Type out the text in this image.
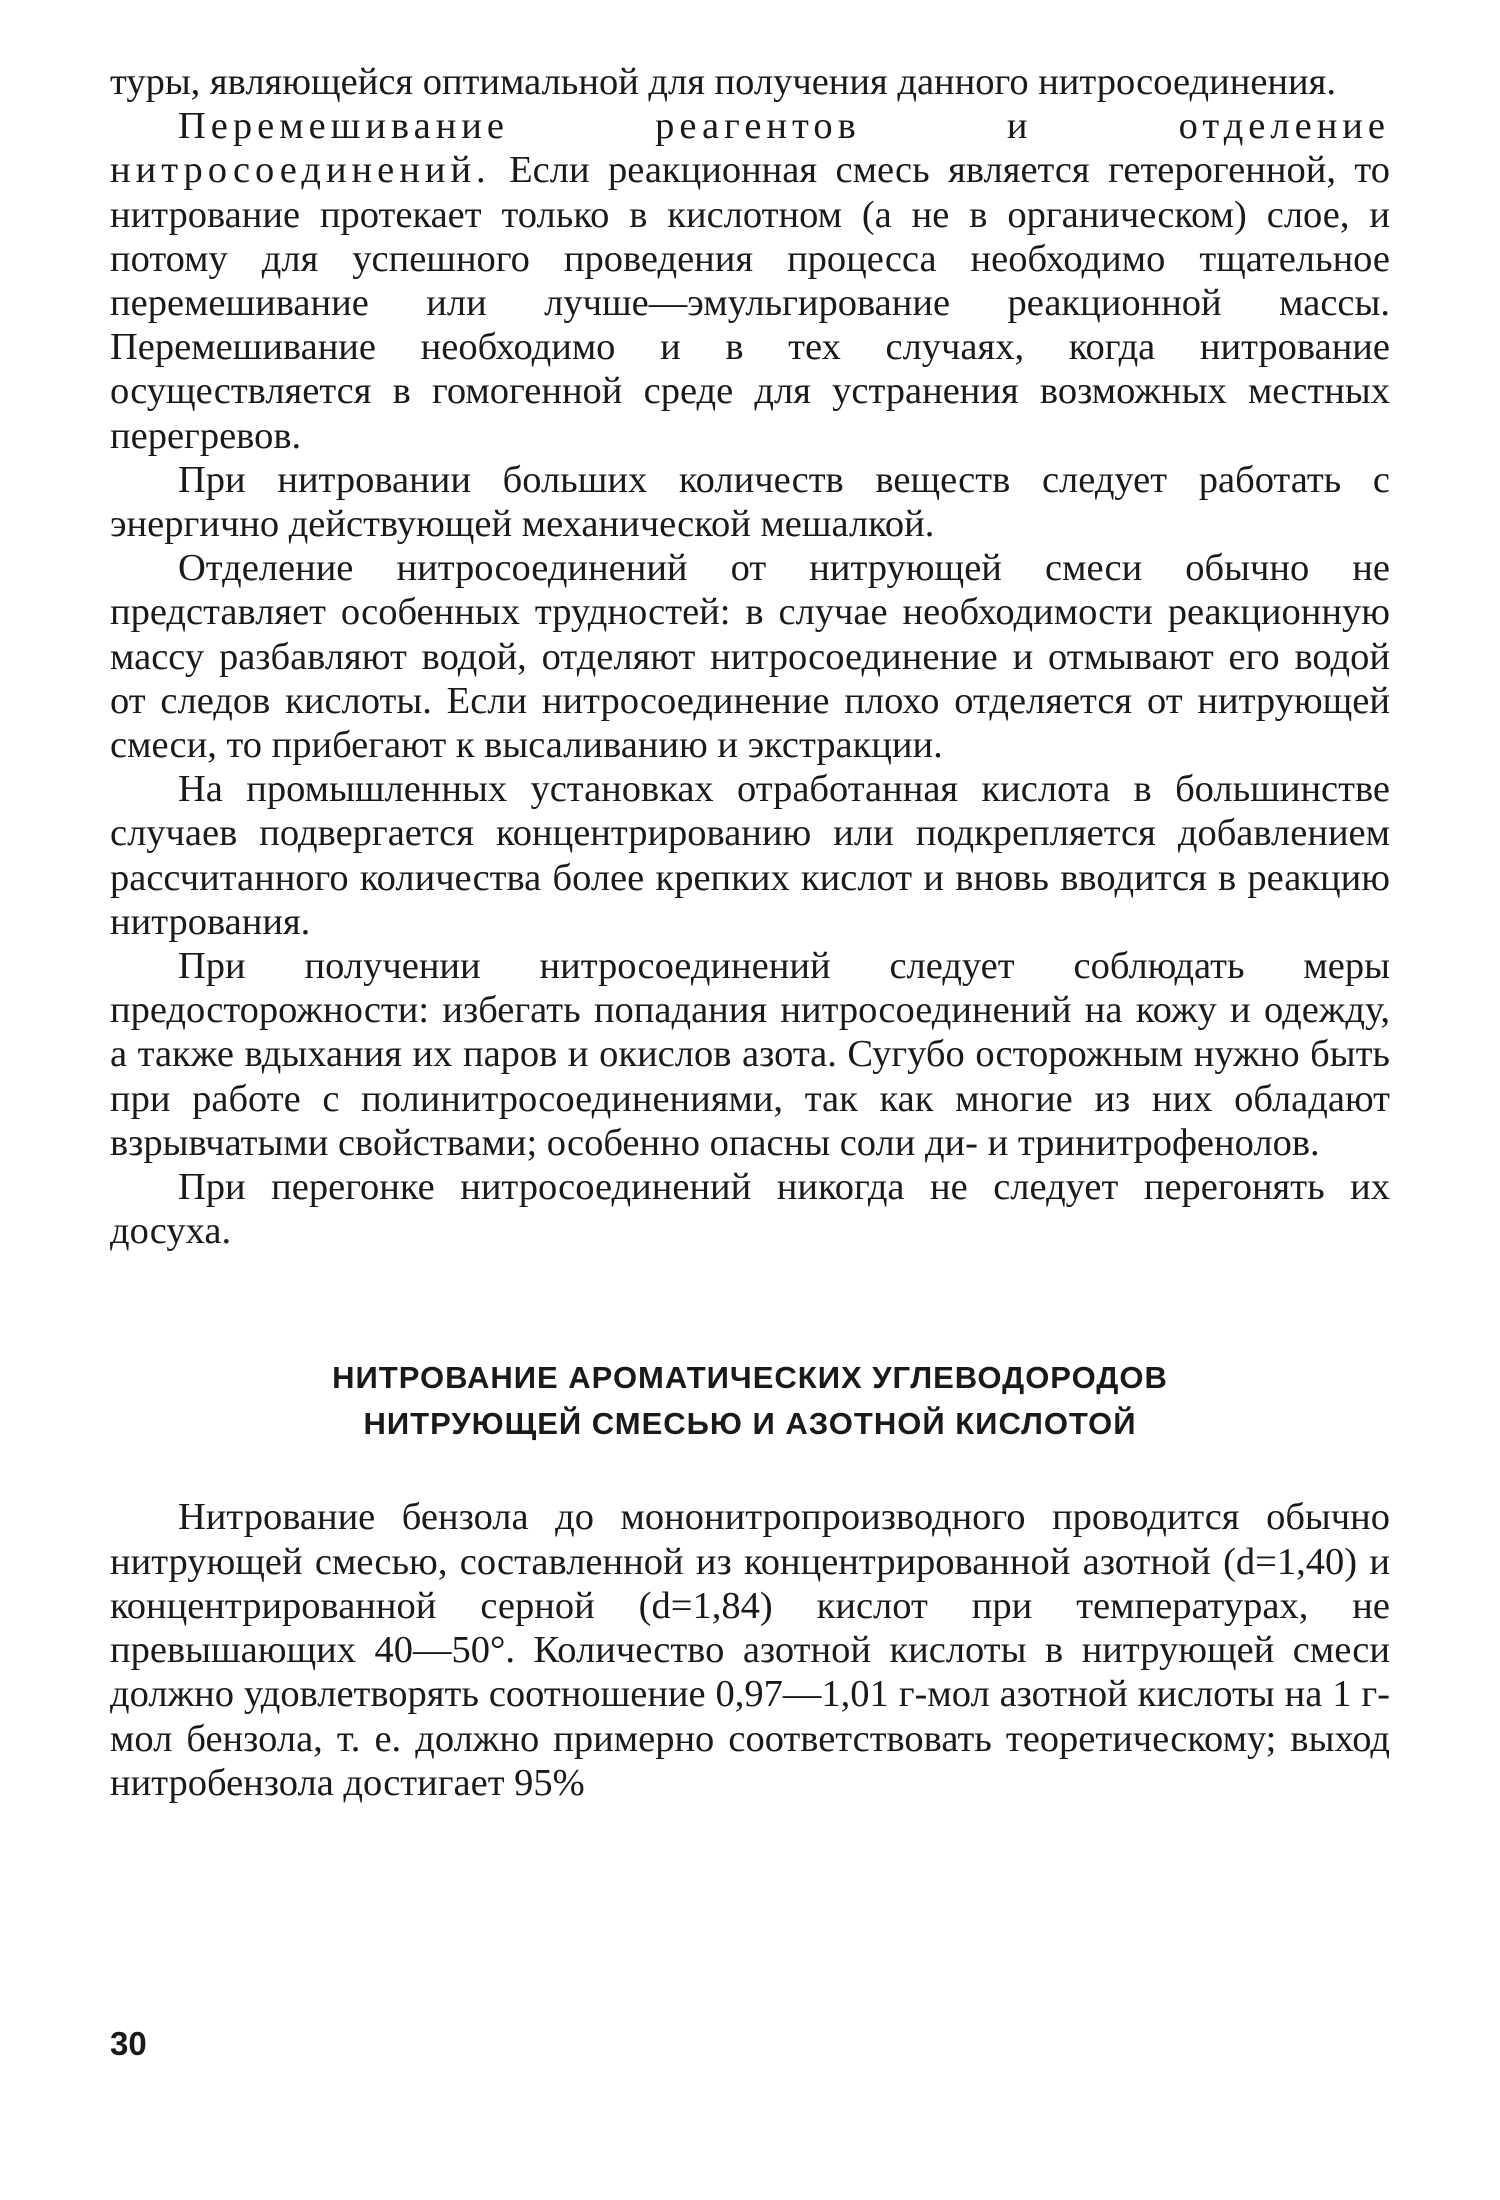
туры, являющейся оптимальной для получения данного нитросоединения.

Перемешивание реагентов и отделение нитросоединений. Если реакционная смесь является гетерогенной, то нитрование протекает только в кислотном (а не в органическом) слое, и потому для успешного проведения процесса необходимо тщательное перемешивание или лучше—эмульгирование реакционной массы. Перемешивание необходимо и в тех случаях, когда нитрование осуществляется в гомогенной среде для устранения возможных местных перегревов.

При нитровании больших количеств веществ следует работать с энергично действующей механической мешалкой.

Отделение нитросоединений от нитрующей смеси обычно не представляет особенных трудностей: в случае необходимости реакционную массу разбавляют водой, отделяют нитросоединение и отмывают его водой от следов кислоты. Если нитросоединение плохо отделяется от нитрующей смеси, то прибегают к высаливанию и экстракции.

На промышленных установках отработанная кислота в большинстве случаев подвергается концентрированию или подкрепляется добавлением рассчитанного количества более крепких кислот и вновь вводится в реакцию нитрования.

При получении нитросоединений следует соблюдать меры предосторожности: избегать попадания нитросоединений на кожу и одежду, а также вдыхания их паров и окислов азота. Сугубо осторожным нужно быть при работе с полинитросоединениями, так как многие из них обладают взрывчатыми свойствами; особенно опасны соли ди- и тринитрофенолов.

При перегонке нитросоединений никогда не следует перегонять их досуха.

НИТРОВАНИЕ АРОМАТИЧЕСКИХ УГЛЕВОДОРОДОВ
НИТРУЮЩЕЙ СМЕСЬЮ И АЗОТНОЙ КИСЛОТОЙ

Нитрование бензола до мононитропроизводного проводится обычно нитрующей смесью, составленной из концентрированной азотной (d=1,40) и концентрированной серной (d=1,84) кислот при температурах, не превышающих 40—50°. Количество азотной кислоты в нитрующей смеси должно удовлетворять соотношение 0,97—1,01 г-мол азотной кислоты на 1 г-мол бензола, т. е. должно примерно соответствовать теоретическому; выход нитробензола достигает 95%

30
